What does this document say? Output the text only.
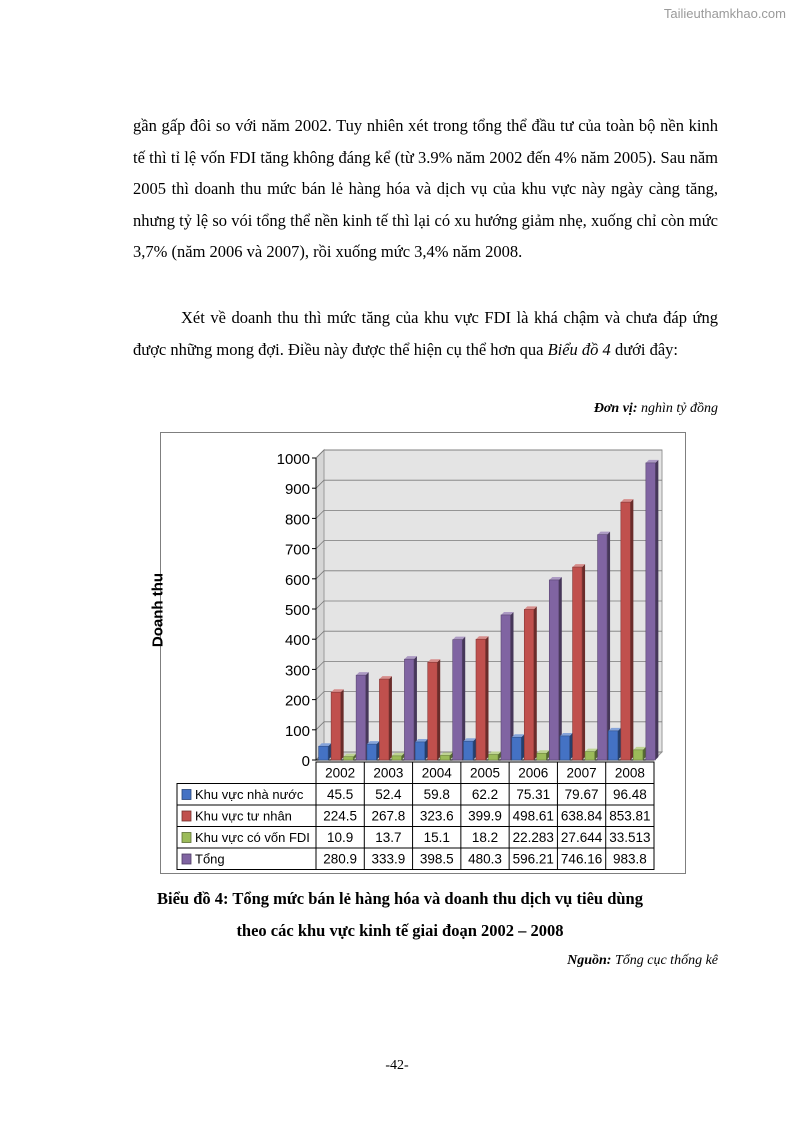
Tailieuthamkhao.com

gần gấp đôi so với năm 2002. Tuy nhiên xét trong tổng thể đầu tư của toàn bộ nền kinh tế thì tỉ lệ vốn FDI tăng không đáng kể (từ 3.9% năm 2002 đến 4% năm 2005). Sau năm 2005 thì doanh thu mức bán lẻ hàng hóa và dịch vụ của khu vực này ngày càng tăng, nhưng tỷ lệ so vói tổng thể nền kinh tế thì lại có xu hướng giảm nhẹ, xuống chỉ còn mức 3,7% (năm 2006 và 2007), rồi xuống mức 3,4% năm 2008.

Xét về doanh thu thì mức tăng của khu vực FDI là khá chậm và chưa đáp ứng được những mong đợi. Điều này được thể hiện cụ thể hơn qua Biểu đồ 4 dưới đây:

Đơn vị: nghìn tỷ đồng
0
100
200
300
400
500
600
700
800
900
1000
2002 2003 2004 2005 2006 2007 2008
Khu vực nhà nước 45.5 52.4 59.8 62.2 75.31 79.67 96.48
Khu vực tư nhân 224.5 267.8 323.6 399.9 498.61 638.84 853.81
Khu vực có vốn FDI 10.9 13.7 15.1 18.2 22.283 27.644 33.513
Tổng	280.9 333.9 398.5 480.3 596.21 746.16 983.8
Doanh thu
Biểu đồ 4: Tổng mức bán lẻ hàng hóa và doanh thu dịch vụ tiêu dùng
theo các khu vực kinh tế giai đoạn 2002 – 2008
Nguồn: Tổng cục thống kê
-42-
